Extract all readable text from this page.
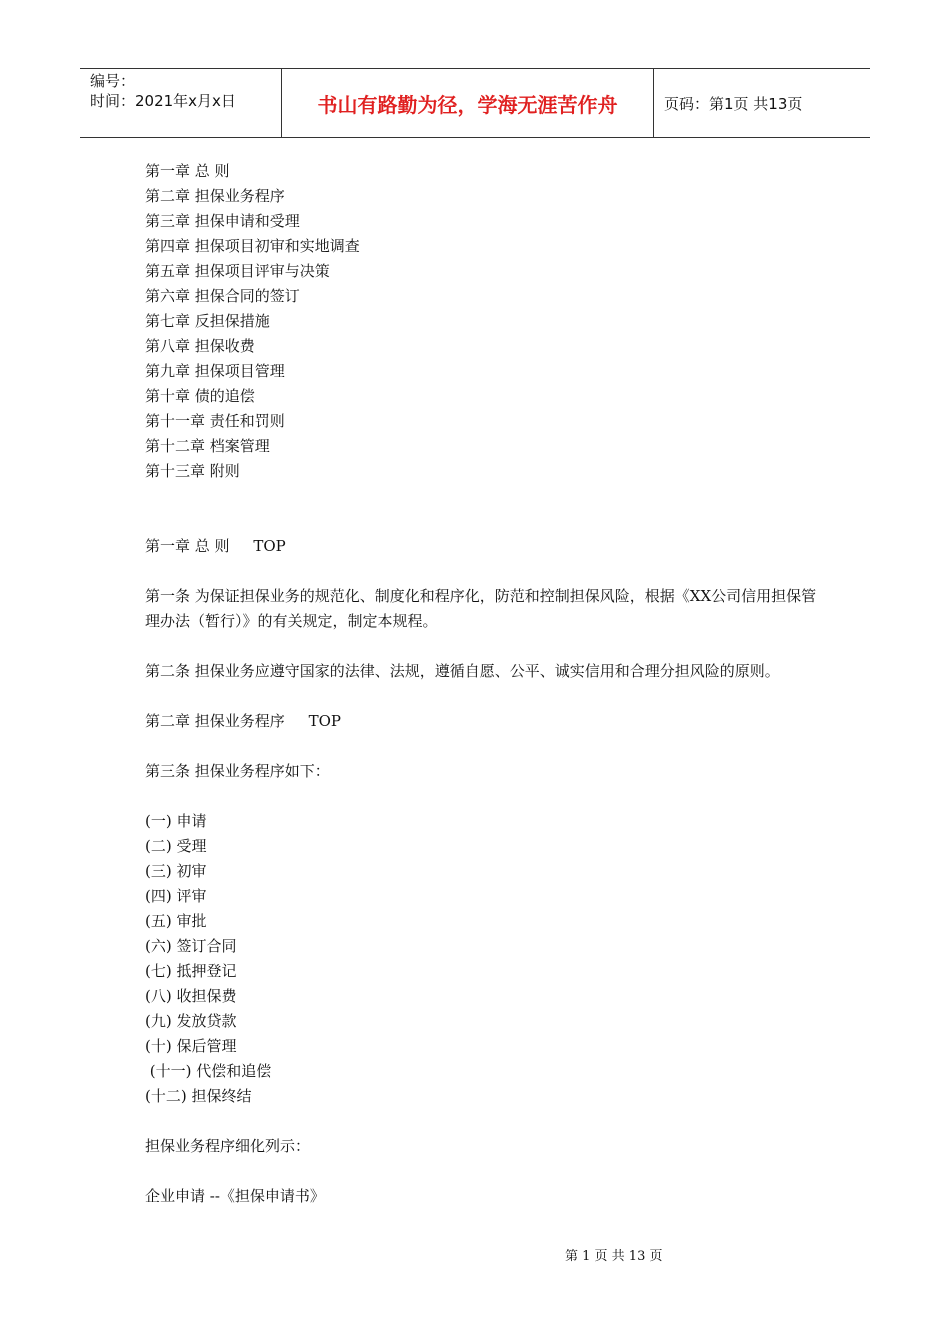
编号：
时间：2021年x月x日	书山有路勤为径，学海无涯苦作舟	页码：第1页 共13页
第一章 总 则
第二章 担保业务程序
第三章 担保申请和受理
第四章 担保项目初审和实地调查
第五章 担保项目评审与决策
第六章 担保合同的签订
第七章 反担保措施
第八章 担保收费
第九章 担保项目管理
第十章 债的追偿
第十一章 责任和罚则
第十二章 档案管理
第十三章 附则
第一章 总 则     TOP
第一条 为保证担保业务的规范化、制度化和程序化，防范和控制担保风险，根据《XX公司信用担保管理办法（暂行）》的有关规定，制定本规程。
第二条 担保业务应遵守国家的法律、法规，遵循自愿、公平、诚实信用和合理分担风险的原则。
第二章 担保业务程序     TOP
第三条 担保业务程序如下：
(一) 申请
(二) 受理
(三) 初审
(四) 评审
(五) 审批
(六) 签订合同
(七) 抵押登记
(八) 收担保费
(九) 发放贷款
(十) 保后管理
(十一) 代偿和追偿
(十二) 担保终结
担保业务程序细化列示：
企业申请 --《担保申请书》
第 1 页 共 13 页
